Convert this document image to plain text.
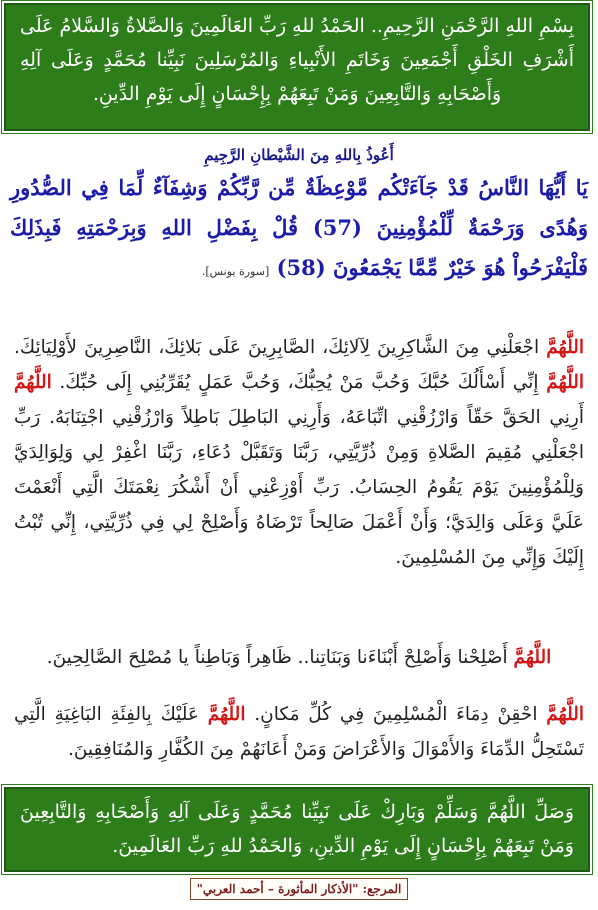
بِسْمِ اللهِ الرَّحْمَنِ الرَّحِيمِ.. الحَمْدُ للهِ رَبِّ العَالَمِينَ وَالصَّلاةُ وَالسَّلامُ عَلَى أَشْرَفِ الخَلْقِ أَجْمَعِينَ وَخَاتَمِ الأَنْبِياءِ وَالمُرْسَلِينَ نَبِيِّنا مُحَمَّدٍ وَعَلَى آلِهِ وَأَصْحَابِهِ وَالتَّابِعِينَ وَمَنْ تَبِعَهُمْ بِإِحْسَانٍ إِلَى يَوْمِ الدِّينِ.
أَعُوذُ بِاللهِ مِنَ الشَّيْطانِ الرَّجِيمِ
يَا أَيُّهَا النَّاسُ قَدْ جَآءَتْكُم مَّوْعِظَةٌ مِّن رَّبِّكُمْ وَشِفَآءٌ لِّمَا فِي الصُّدُورِ وَهُدًى وَرَحْمَةٌ لِّلْمُؤْمِنِينَ (57) قُلْ بِفَضْلِ اللهِ وَبِرَحْمَتِهِ فَبِذَلِكَ فَلْيَفْرَحُواْ هُوَ خَيْرٌ مِّمَّا يَجْمَعُونَ (58) [سورة يونس].
اللَّهُمَّ اجْعَلْنِي مِنَ الشَّاكِرِينَ لِآلائِكَ، الصَّابِرِينَ عَلَى بَلائِكَ، النَّاصِرِينَ لأَوْلِيَائِكَ. اللَّهُمَّ إِنِّي أَسْأَلُكَ حُبَّكَ وَحُبَّ مَنْ يُحِبُّكَ، وَحُبَّ عَمَلٍ يُقَرِّبُنِي إِلَى حُبِّكَ. اللَّهُمَّ أَرِنِي الحَقَّ حَقّاً وَارْزُقْنِي اتِّبَاعَهُ، وَأَرِنِي البَاطِلَ بَاطِلاً وَارْزُقْنِي اجْتِنَابَهُ. رَبِّ اجْعَلْنِي مُقِيمَ الصَّلاةِ وَمِنْ ذُرِّيَّتِي، رَبَّنَا وَتَقَبَّلْ دُعَاءِ، رَبَّنَا اغْفِرْ لِي وَلِوَالِدَيَّ وَلِلْمُؤْمِنِينَ يَوْمَ يَقُومُ الحِسَابُ. رَبِّ أَوْزِعْنِي أَنْ أَشْكُرَ نِعْمَتَكَ الَّتِي أَنْعَمْتَ عَلَيَّ وَعَلَى وَالِدَيَّ؛ وَأَنْ أَعْمَلَ صَالِحاً تَرْضَاهُ وَأَصْلِحْ لِي فِي ذُرِّيَّتِي، إِنِّي تُبْتُ إِلَيْكَ وَإِنِّي مِنَ المُسْلِمِينَ.
اللَّهُمَّ أَصْلِحْنا وَأَصْلِحْ أَبْنَاءَنا وَبَنَاتِنا.. ظَاهِراً وَبَاطِناً يا مُصْلِحَ الصَّالِحِينَ.
اللَّهُمَّ احْقِنْ دِمَاءَ الْمُسْلِمِينَ فِي كُلِّ مَكانٍ. اللَّهُمَّ عَلَيْكَ بِالفِئَةِ البَاغِيَةِ الَّتِي تَسْتَحِلُّ الدِّمَاءَ وَالأَمْوَالَ وَالأَعْرَاضَ وَمَنْ أَعَانَهُمْ مِنَ الكُفَّارِ وَالمُنَافِقِينَ.
وَصَلِّ اللَّهُمَّ وَسَلِّمْ وَبَارِكْ عَلَى نَبِيِّنا مُحَمَّدٍ وَعَلَى آلِهِ وَأَصْحَابِهِ وَالتَّابِعِينَ وَمَنْ تَبِعَهُمْ بِإِحْسَانٍ إِلَى يَوْمِ الدِّينِ، وَالحَمْدُ للهِ رَبِّ العَالَمِينَ.
المرجع: "الأذكار المأثورة – أحمد العربي"
